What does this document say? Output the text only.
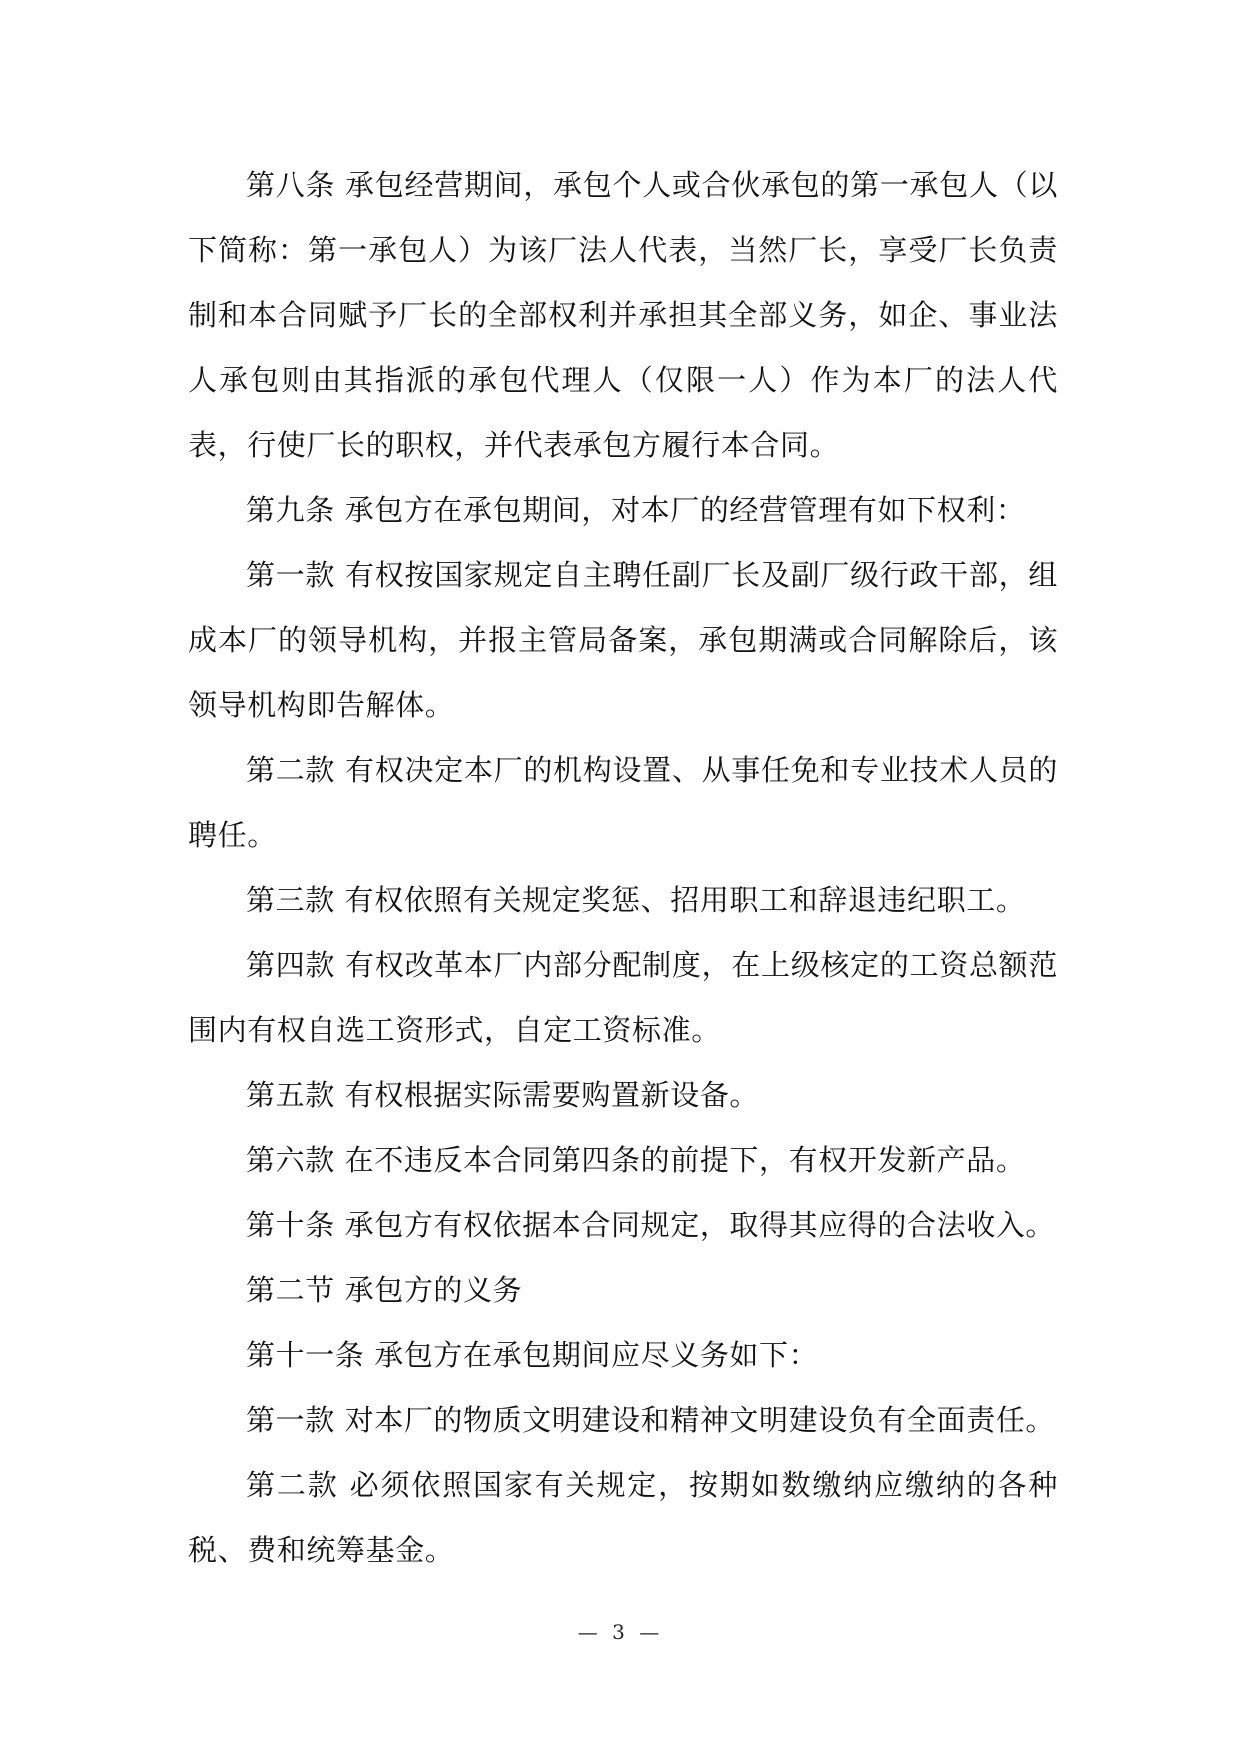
第八条 承包经营期间，承包个人或合伙承包的第一承包人（以下简称：第一承包人）为该厂法人代表，当然厂长，享受厂长负责制和本合同赋予厂长的全部权利并承担其全部义务，如企、事业法人承包则由其指派的承包代理人（仅限一人）作为本厂的法人代表，行使厂长的职权，并代表承包方履行本合同。

第九条 承包方在承包期间，对本厂的经营管理有如下权利：

第一款 有权按国家规定自主聘任副厂长及副厂级行政干部，组成本厂的领导机构，并报主管局备案，承包期满或合同解除后，该领导机构即告解体。

第二款 有权决定本厂的机构设置、从事任免和专业技术人员的聘任。

第三款 有权依照有关规定奖惩、招用职工和辞退违纪职工。

第四款 有权改革本厂内部分配制度，在上级核定的工资总额范围内有权自选工资形式，自定工资标准。

第五款 有权根据实际需要购置新设备。

第六款 在不违反本合同第四条的前提下，有权开发新产品。

第十条 承包方有权依据本合同规定，取得其应得的合法收入。

第二节 承包方的义务

第十一条 承包方在承包期间应尽义务如下：

第一款 对本厂的物质文明建设和精神文明建设负有全面责任。

第二款 必须依照国家有关规定，按期如数缴纳应缴纳的各种税、费和统筹基金。

— 3 —
